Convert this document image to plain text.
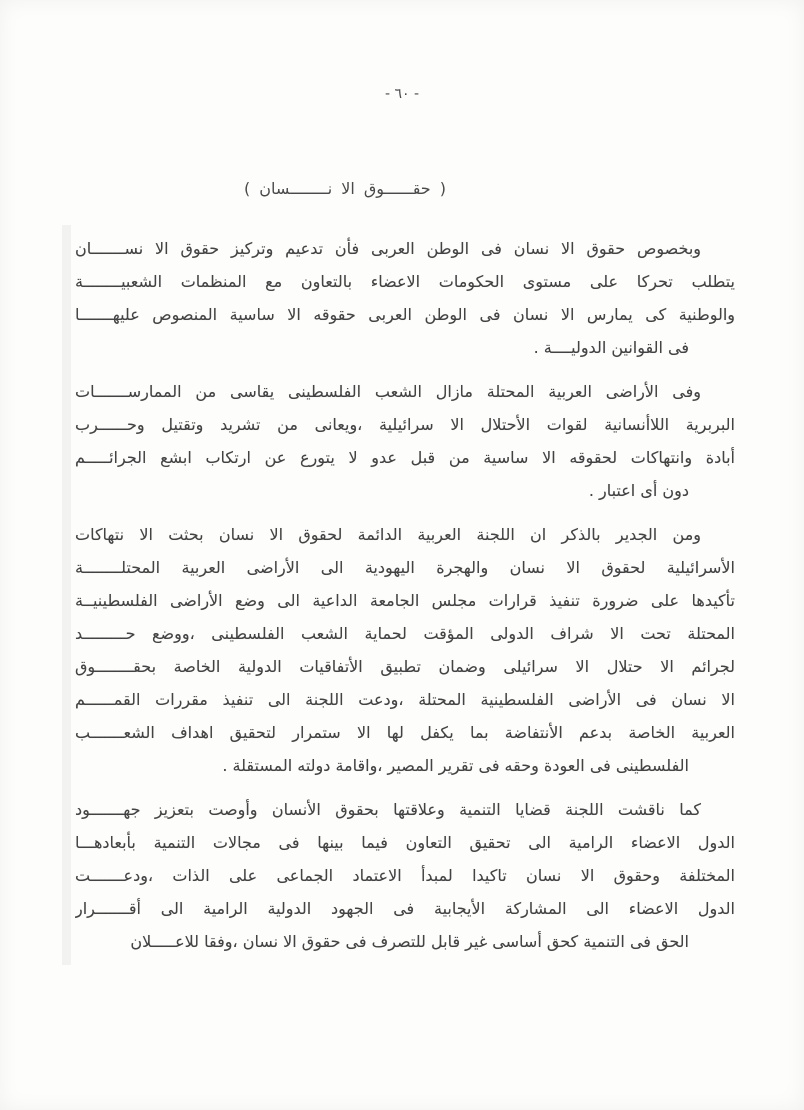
- ٦٠ -
( حقــــــوق الا نــــــــسان )
وبخصوص حقوق الا نسان فى الوطن العربى فأن تدعيم وتركيز حقوق الا نســـــــان
يتطلب تحركا على مستوى الحكومات الاعضاء بالتعاون مع المنظمات الشعبيــــــــة
والوطنية كى يمارس الا نسان فى الوطن العربى حقوقه الا ساسية المنصوص عليهـــــــا
فى القوانين الدوليــــة .
وفى الأراضى العربية المحتلة مازال الشعب الفلسطينى يقاسى من الممارســـــــات
البربرية اللاأنسانية لقوات الأحتلال الا سرائيلية ،ويعانى من تشريد وتقتيل وحــــــرب
أبادة وانتهاكات لحقوقه الا ساسية من قبل عدو لا يتورع عن ارتكاب ابشع الجرائـــــم
دون أى اعتبار .
ومن الجدير بالذكر ان اللجنة العربية الدائمة لحقوق الا نسان بحثت الا نتهاكات
الأسرائيلية لحقوق الا نسان والهجرة اليهودية الى الأراضى العربية المحتلــــــــة
تأكيدها على ضرورة تنفيذ قرارات مجلس الجامعة الداعية الى وضع الأراضى الفلسطينيــة
المحتلة تحت الا شراف الدولى المؤقت لحماية الشعب الفلسطينى ،ووضع حـــــــــد
لجرائم الا حتلال الا سرائيلى وضمان تطبيق الأتفاقيات الدولية الخاصة بحقــــــــوق
الا نسان فى الأراضى الفلسطينية المحتلة ،ودعت اللجنة الى تنفيذ مقررات القمــــــم
العربية الخاصة بدعم الأنتفاضة بما يكفل لها الا ستمرار لتحقيق اهداف الشعـــــــب
الفلسطينى فى العودة وحقه فى تقرير المصير ،واقامة دولته المستقلة .
كما ناقشت اللجنة قضايا التنمية وعلاقتها بحقوق الأنسان وأوصت بتعزيز جهـــــــود
الدول الاعضاء الرامية الى تحقيق التعاون فيما بينها فى مجالات التنمية بأبعادهـــا
المختلفة وحقوق الا نسان تاكيدا لمبدأ الاعتماد الجماعى على الذات ،ودعـــــــت
الدول الاعضاء الى المشاركة الأيجابية فى الجهود الدولية الرامية الى أقـــــــرار
الحق فى التنمية كحق أساسى غير قابل للتصرف فى حقوق الا نسان ،وفقا للاعـــــلان
